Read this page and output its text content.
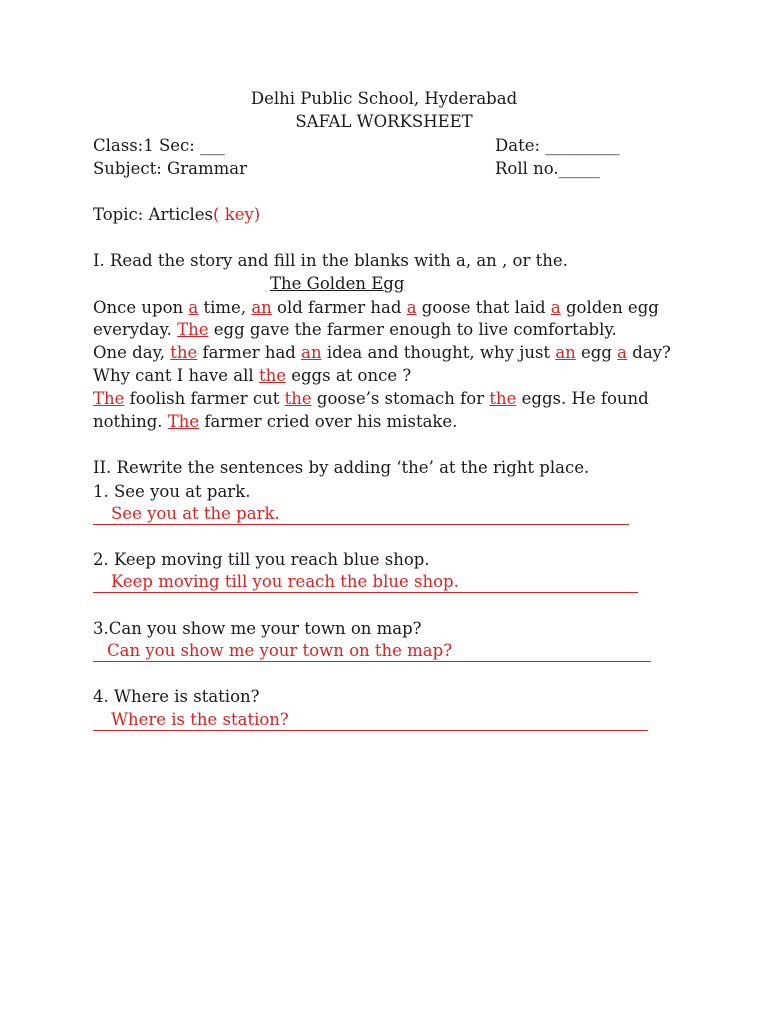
Delhi Public School, Hyderabad
SAFAL WORKSHEET
Class:1 Sec: ___	Date: _________
Subject: Grammar	Roll no._____
Topic: Articles( key)
I. Read the story and fill in the blanks with a, an , or the.
The Golden Egg
Once upon a time, an old farmer had a goose that laid a golden egg
everyday. The egg gave the farmer enough to live comfortably.
One day, the farmer had an idea and thought, why just an egg a day?
Why cant I have all the eggs at once ?
The foolish farmer cut the goose’s stomach for the eggs. He found
nothing. The farmer cried over his mistake.
II. Rewrite the sentences by adding ‘the’ at the right place.
1. See you at park.
See you at the park.
2. Keep moving till you reach blue shop.
Keep moving till you reach the blue shop.
3.Can you show me your town on map?
Can you show me your town on the map?
4. Where is station?
Where is the station?
